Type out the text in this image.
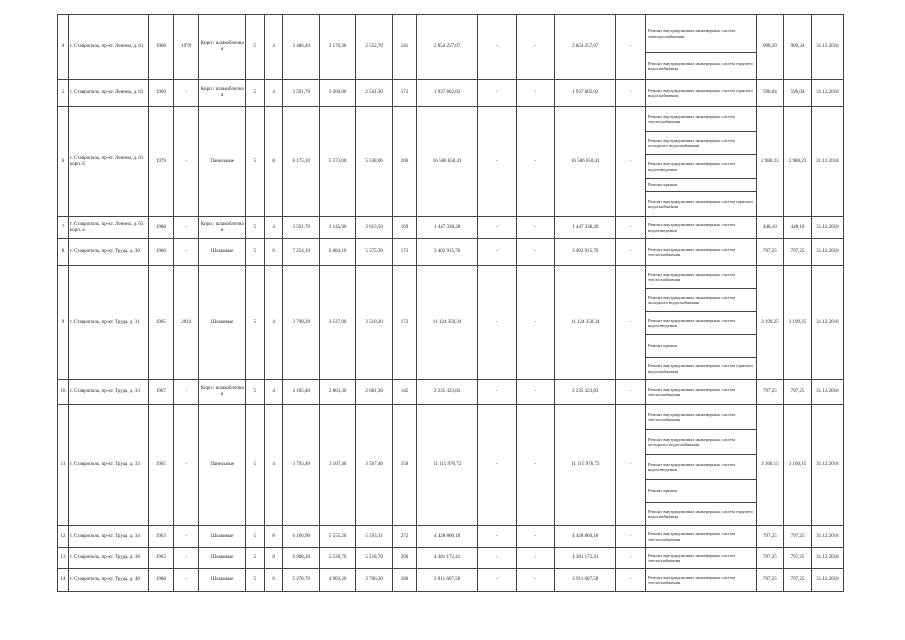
4	г. Ставрополь, пр-кт. Ленина, д. 61	1968	1979	Кирп./ шлакоблочна я	5	4	3 486,40	3 170,36	2 552,70	141	2 854 257,07	-	-	2 854 257,07	-	Ремонт внутридомовых инженерных систем электроснабжения	908,39	900,34	31.12.2018
																Ремонт внутридомовых инженерных систем горячего водоснабжения			
5	г. Ставрополь, пр-кт. Ленина, д. 63	1969	-	Кирп./ шлакоблочна я	5	4	3 591,70	3 260,06	2 541,30	172	1 937 802,02	-	-	1 937 802,02	-	Ремонт внутридомовых инженерных систем горячего водоснабжения	596,04	596,04	31.12.2018
6	г. Ставрополь, пр-кт. Ленина, д. 63 корп. б	1979	-	Панельные	5	8	6 175,30	5 573,00	5 538,06	206	16 586 650,41	-	-	16 586 650,41	-	Ремонт внутридомовых инженерных систем теплоснабжения	2 980,23	2 980,23	31.12.2018
																Ремонт внутридомовых инженерных систем холодного водоснабжения			
																Ремонт внутридомовых инженерных систем водоотведения			
																Ремонт крыши			
																Ремонт внутридомовых инженерных систем горячего водоснабжения			
7	г. Ставрополь, пр-кт. Ленина, д. 63 корп. а	1968	-	Кирп./ шлакоблочна я	5	4	3 591,70	3 145,96	3 013,50	169	1 447 338,28	-	-	1 447 338,28	-	Ремонт внутридомовых инженерных систем водоотведения	448,10	448,10	31.12.2018
8	г. Ставрополь, пр-кт. Труда, д. 30	1966	-	Шлаковые	5	6	7 254,10	6 084,10	5 575,30	172	3 402 915,76	-	-	3 402 915,76	-	Ремонт внутридомовых инженерных систем теплоснабжения	797,25	797,25	31.12.2018
9	г. Ставрополь, пр-кт. Труда, д. 31	1965	2014	Шлаковые	5	4	3 798,20	3 537,00	3 510,20	172	11 124 350,34	-	-	11 124 350,34	-	Ремонт внутридомовых инженерных систем теплоснабжения	3 199,25	3 199,25	31.12.2018
																Ремонт внутридомовых инженерных систем холодного водоснабжения			
																Ремонт внутридомовых инженерных систем водоотведения			
																Ремонт крыши			
																Ремонт внутридомовых инженерных систем горячего водоснабжения			
10	г. Ставрополь, пр-кт. Труда, д. 33	1967	-	Кирп./ шлакоблочна я	5	4	3 105,40	2 803,30	2 681,30	145	2 235 423,83	-	-	2 235 423,83	-	Ремонт внутридомовых инженерных систем теплоснабжения	797,25	797,25	31.12.2018
11	г. Ставрополь, пр-кт. Труда, д. 33	1965	-	Панельные	5	4	3 793,40	3 507,40	3 507,40	158	11 115 976,72	-	-	11 115 976,72	-	Ремонт внутридомовых инженерных систем теплоснабжения	3 160,15	3 160,15	31.12.2018
																Ремонт внутридомовых инженерных систем холодного водоснабжения			
																Ремонт внутридомовых инженерных систем водоотведения			
																Ремонт крыши			
																Ремонт внутридомовых инженерных систем горячего водоснабжения			
12	г. Ставрополь, пр-кт. Труда, д. 34	1963	-	Шлаковые	5	8	6 166,90	5 555,20	5 593,31	272	4 428 860,18	-	-	4 428 860,18	-	Ремонт внутридомовых инженерных систем теплоснабжения	797,25	797,25	31.12.2018
13	г. Ставрополь, пр-кт. Труда, д. 38	1963	-	Шлаковые	5	8	6 908,20	5 530,70	5 518,70	206	4 381 172,41	-	-	4 381 172,41	-	Ремонт внутридомовых инженерных систем теплоснабжения	797,25	797,25	31.12.2018
14	г. Ставрополь, пр-кт. Труда, д. 40	1968	-	Шлаковые	5	6	5 276,70	4 903,30	3 706,30	186	3 911 607,58	-	-	3 911 607,58	-	Ремонт внутридомовых инженерных систем теплоснабжения	797,25	797,25	31.12.2018
